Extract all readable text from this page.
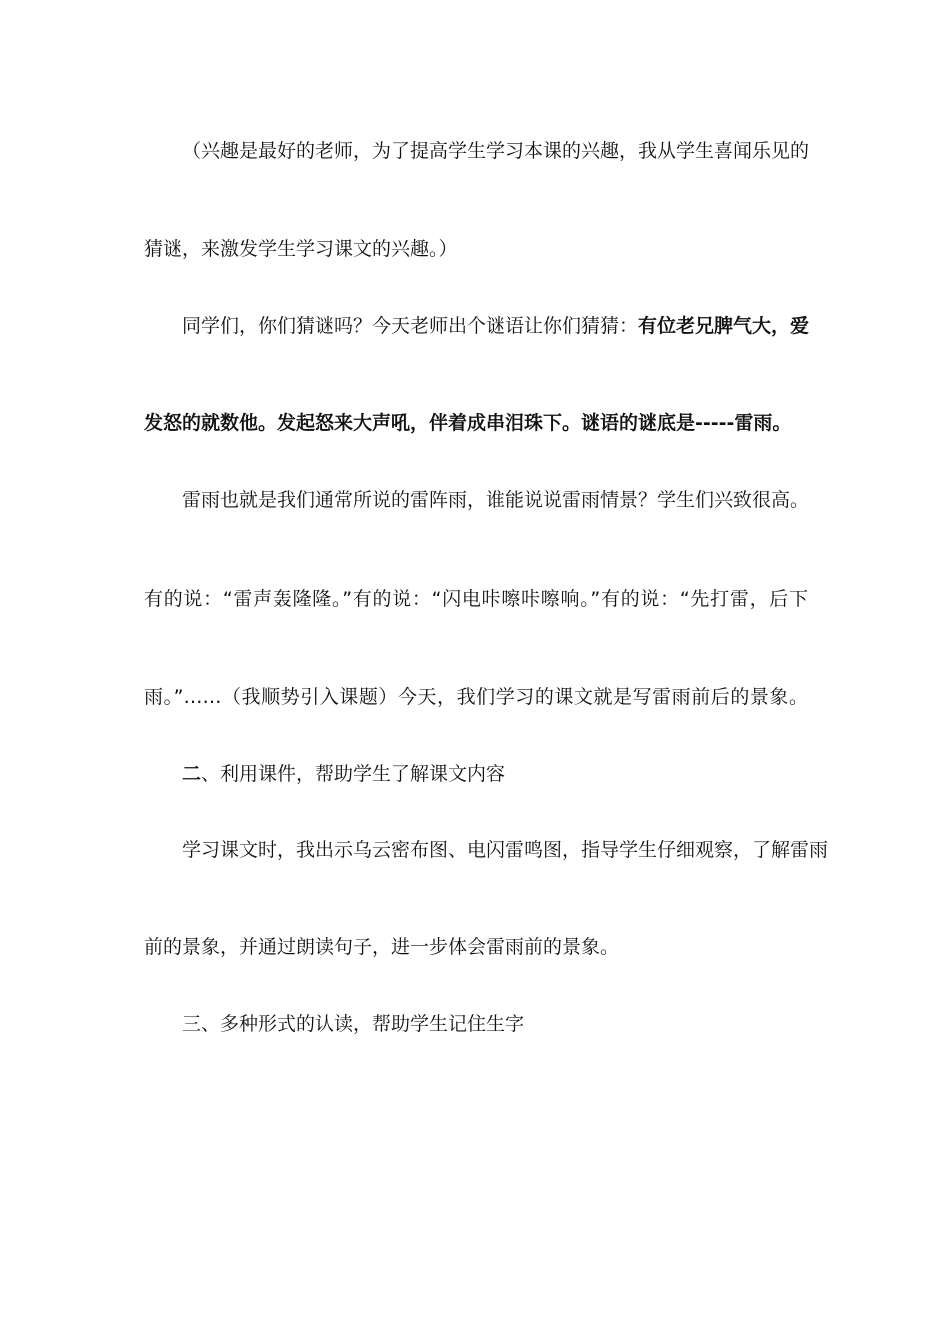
（兴趣是最好的老师，为了提高学生学习本课的兴趣，我从学生喜闻乐见的
猜谜，来激发学生学习课文的兴趣。）
同学们，你们猜谜吗？今天老师出个谜语让你们猜猜：有位老兄脾气大，爱
发怒的就数他。发起怒来大声吼，伴着成串泪珠下。谜语的谜底是-----雷雨。
雷雨也就是我们通常所说的雷阵雨，谁能说说雷雨情景？学生们兴致很高。
有的说：“雷声轰隆隆。”有的说：“闪电咔嚓咔嚓响。”有的说：“先打雷，后下
雨。”……（我顺势引入课题）今天，我们学习的课文就是写雷雨前后的景象。
二、利用课件，帮助学生了解课文内容
学习课文时，我出示乌云密布图、电闪雷鸣图，指导学生仔细观察，了解雷雨
前的景象，并通过朗读句子，进一步体会雷雨前的景象。
三、多种形式的认读，帮助学生记住生字
